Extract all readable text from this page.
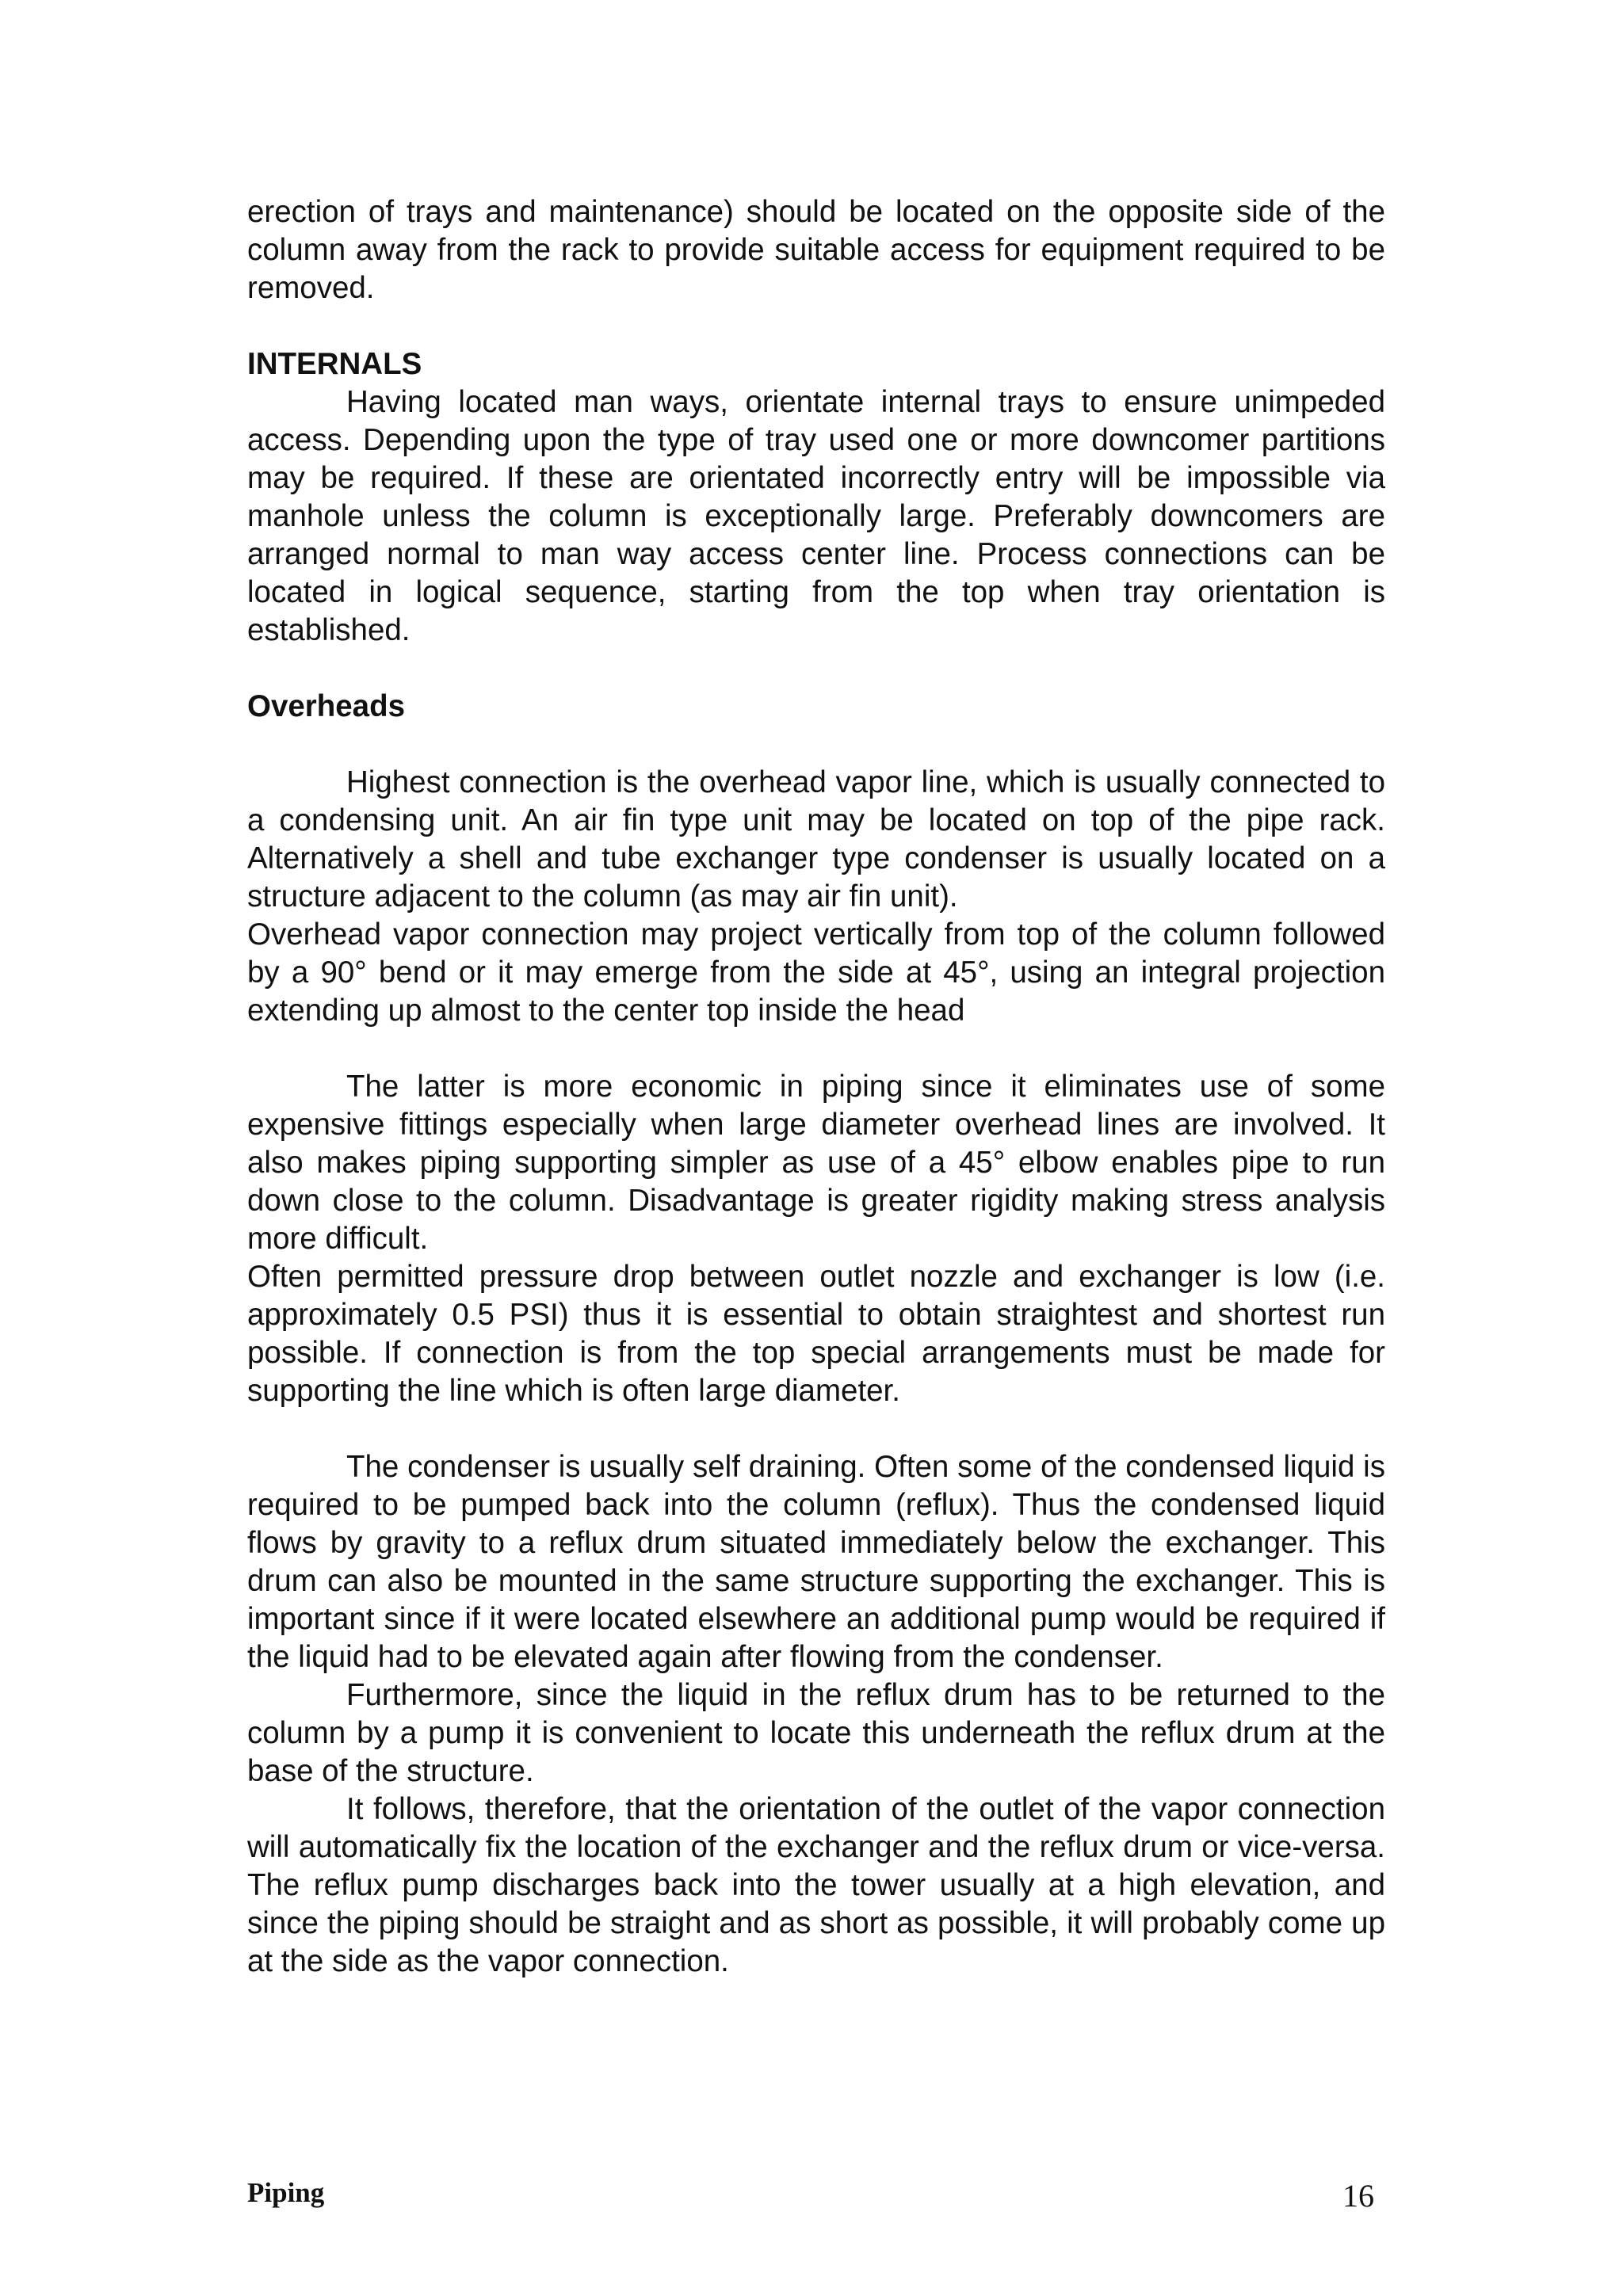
erection of trays and maintenance) should be located on the opposite side of the column away from the rack to provide suitable access for equipment required to be removed.

INTERNALS

Having located man ways, orientate internal trays to ensure unimpeded access. Depending upon the type of tray used one or more downcomer partitions may be required. If these are orientated incorrectly entry will be impossible via manhole unless the column is exceptionally large. Preferably downcomers are arranged normal to man way access center line. Process connections can be located in logical sequence, starting from the top when tray orientation is established.

Overheads

Highest connection is the overhead vapor line, which is usually connected to a condensing unit. An air fin type unit may be located on top of the pipe rack. Alternatively a shell and tube exchanger type condenser is usually located on a structure adjacent to the column (as may air fin unit).

Overhead vapor connection may project vertically from top of the column followed by a 90° bend or it may emerge from the side at 45°, using an integral projection extending up almost to the center top inside the head

The latter is more economic in piping since it eliminates use of some expensive fittings especially when large diameter overhead lines are involved. It also makes piping supporting simpler as use of a 45° elbow enables pipe to run down close to the column. Disadvantage is greater rigidity making stress analysis more difficult.

Often permitted pressure drop between outlet nozzle and exchanger is low (i.e. approximately 0.5 PSI) thus it is essential to obtain straightest and shortest run possible. If connection is from the top special arrangements must be made for supporting the line which is often large diameter.

The condenser is usually self draining. Often some of the condensed liquid is required to be pumped back into the column (reflux). Thus the condensed liquid flows by gravity to a reflux drum situated immediately below the exchanger. This drum can also be mounted in the same structure supporting the exchanger. This is important since if it were located elsewhere an additional pump would be required if the liquid had to be elevated again after flowing from the condenser.

Furthermore, since the liquid in the reflux drum has to be returned to the column by a pump it is convenient to locate this underneath the reflux drum at the base of the structure.

It follows, therefore, that the orientation of the outlet of the vapor connection will automatically fix the location of the exchanger and the reflux drum or vice-versa. The reflux pump discharges back into the tower usually at a high elevation, and since the piping should be straight and as short as possible, it will probably come up at the side as the vapor connection.

Piping	16
